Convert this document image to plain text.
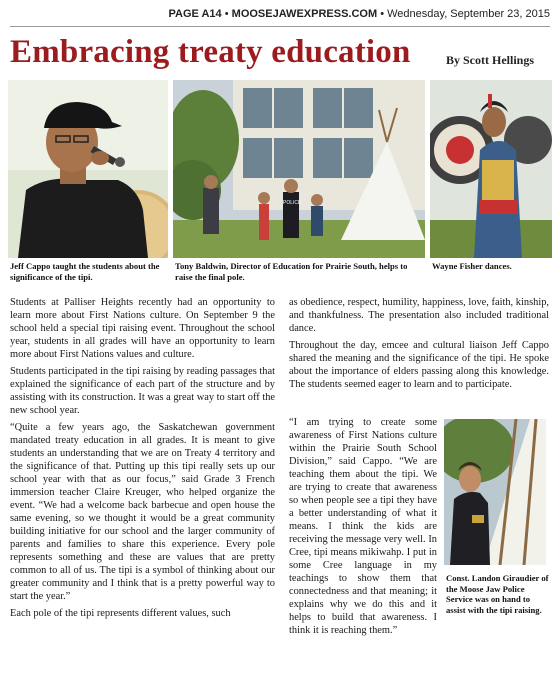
PAGE A14 • MOOSEJAWEXPRESS.COM • Wednesday, September 23, 2015
Embracing treaty education	By Scott Hellings
Jeff Cappo taught the students about the significance of the tipi.
POLICE
Tony Baldwin, Director of Education for Prairie South, helps to raise the final pole.
Wayne Fisher dances.

Students at Palliser Heights recently had an opportunity to learn more about First Nations culture. On September 9 the school held a special tipi raising event. Throughout the school year, students in all grades will have an opportunity to learn more about First Nations values and culture.

Students participated in the tipi raising by reading passages that explained the significance of each part of the structure and by assisting with its construction. It was a great way to start off the new school year.

“Quite a few years ago, the Saskatchewan government mandated treaty education in all grades. It is meant to give students an understanding that we are on Treaty 4 territory and the significance of that. Putting up this tipi really sets up our school year with that as our focus,” said Grade 3 French immersion teacher Claire Kreuger, who helped organize the event. “We had a welcome back barbecue and open house the same evening, so we thought it would be a great community building initiative for our school and the larger community of parents and families to share this experience. Every pole represents something and these are values that are pretty common to all of us. The tipi is a symbol of thinking about our greater community and I think that is a pretty powerful way to start the year.”

Each pole of the tipi represents different values, such

as obedience, respect, humility, happiness, love, faith, kinship, and thankfulness. The presentation also included traditional dance.

Throughout the day, emcee and cultural liaison Jeff Cappo shared the meaning and the significance of the tipi. He spoke about the importance of elders passing along this knowledge. The students seemed eager to learn and to participate.

“I am trying to create some awareness of First Nations culture within the Prairie South School Division,” said Cappo. “We are teaching them about the tipi. We are trying to create that awareness so when people see a tipi they have a better understanding of what it means. I think the kids are receiving the message very well. In Cree, tipi means mikiwahp. I put in some Cree language in my teachings to show them that connectedness and that meaning; it explains why we do this and it helps to build that awareness. I think it is reaching them.”

Const. Landon Giraudier of the Moose Jaw Police Service was on hand to assist with the tipi raising.
